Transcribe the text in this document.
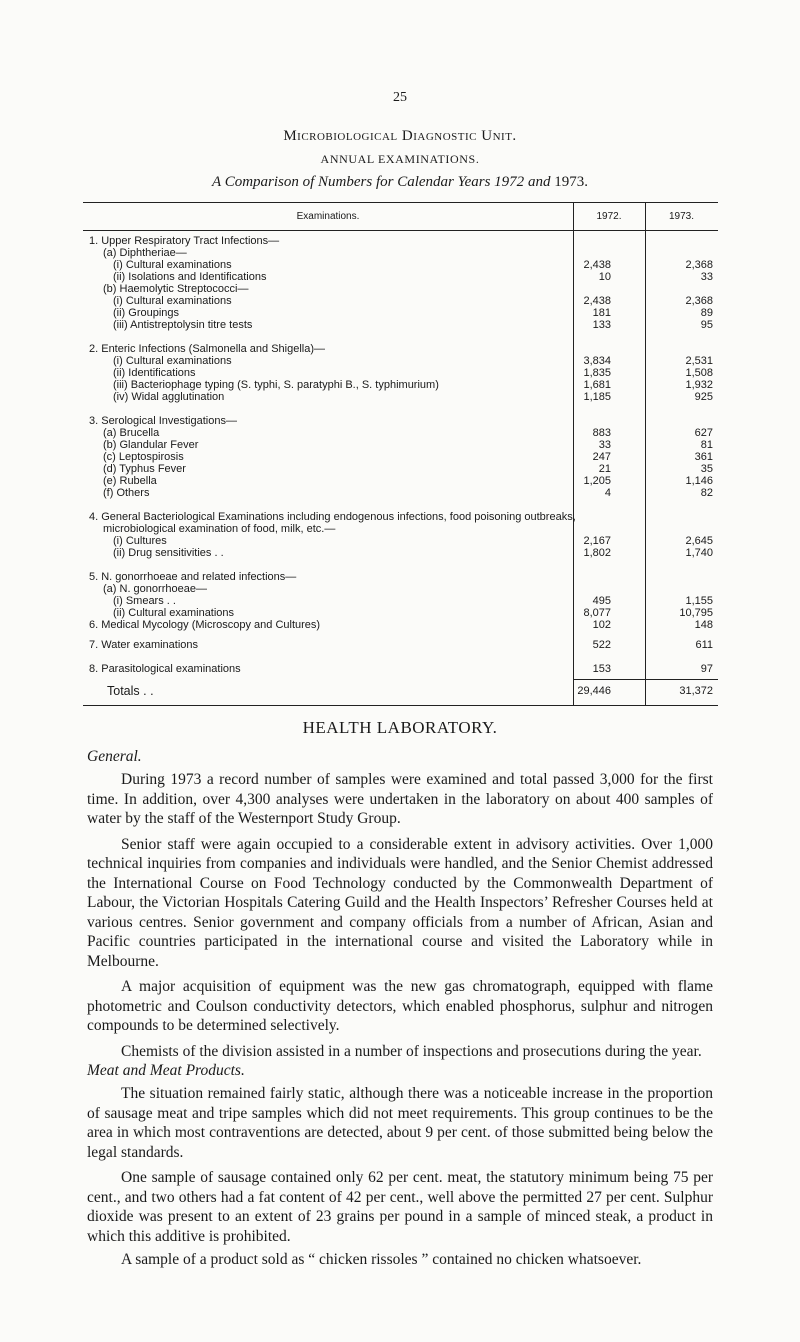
25
Microbiological Diagnostic Unit.
ANNUAL EXAMINATIONS.
A Comparison of Numbers for Calendar Years 1972 and 1973.
Examinations.	1972.	1973.
1. Upper Respiratory Tract Infections—
(a) Diphtheriae—
(i) Cultural examinations	2,438	2,368
(ii) Isolations and Identifications	10	33
(b) Haemolytic Streptococci—
(i) Cultural examinations	2,438	2,368
(ii) Groupings	181	89
(iii) Antistreptolysin titre tests	133	95
2. Enteric Infections (Salmonella and Shigella)—
(i) Cultural examinations	3,834	2,531
(ii) Identifications	1,835	1,508
(iii) Bacteriophage typing (S. typhi, S. paratyphi B., S. typhimurium)	1,681	1,932
(iv) Widal agglutination	1,185	925
3. Serological Investigations—
(a) Brucella	883	627
(b) Glandular Fever	33	81
(c) Leptospirosis	247	361
(d) Typhus Fever	21	35
(e) Rubella	1,205	1,146
(f) Others	4	82
4. General Bacteriological Examinations including endogenous infections, food poisoning outbreaks,
microbiological examination of food, milk, etc.—
(i) Cultures	2,167	2,645
(ii) Drug sensitivities . .	1,802	1,740
5. N. gonorrhoeae and related infections—
(a) N. gonorrhoeae—
(i) Smears . .	495	1,155
(ii) Cultural examinations	8,077	10,795
6. Medical Mycology (Microscopy and Cultures)	102	148
7. Water examinations	522	611
8. Parasitological examinations	153	97
Totals . .	29,446	31,372
HEALTH LABORATORY.
General.

During 1973 a record number of samples were examined and total passed 3,000 for the first time. In addition, over 4,300 analyses were undertaken in the laboratory on about 400 samples of water by the staff of the Westernport Study Group.

Senior staff were again occupied to a considerable extent in advisory activities. Over 1,000 technical inquiries from companies and individuals were handled, and the Senior Chemist addressed the International Course on Food Technology conducted by the Commonwealth Department of Labour, the Victorian Hospitals Catering Guild and the Health Inspectors’ Refresher Courses held at various centres. Senior government and company officials from a number of African, Asian and Pacific countries participated in the international course and visited the Laboratory while in Melbourne.

A major acquisition of equipment was the new gas chromatograph, equipped with flame photometric and Coulson conductivity detectors, which enabled phosphorus, sulphur and nitrogen compounds to be determined selectively.

Chemists of the division assisted in a number of inspections and prosecutions during the year.

Meat and Meat Products.

The situation remained fairly static, although there was a noticeable increase in the proportion of sausage meat and tripe samples which did not meet requirements. This group continues to be the area in which most contraventions are detected, about 9 per cent. of those submitted being below the legal standards.

One sample of sausage contained only 62 per cent. meat, the statutory minimum being 75 per cent., and two others had a fat content of 42 per cent., well above the permitted 27 per cent. Sulphur dioxide was present to an extent of 23 grains per pound in a sample of minced steak, a product in which this additive is prohibited.

A sample of a product sold as “ chicken rissoles ” contained no chicken whatsoever.
